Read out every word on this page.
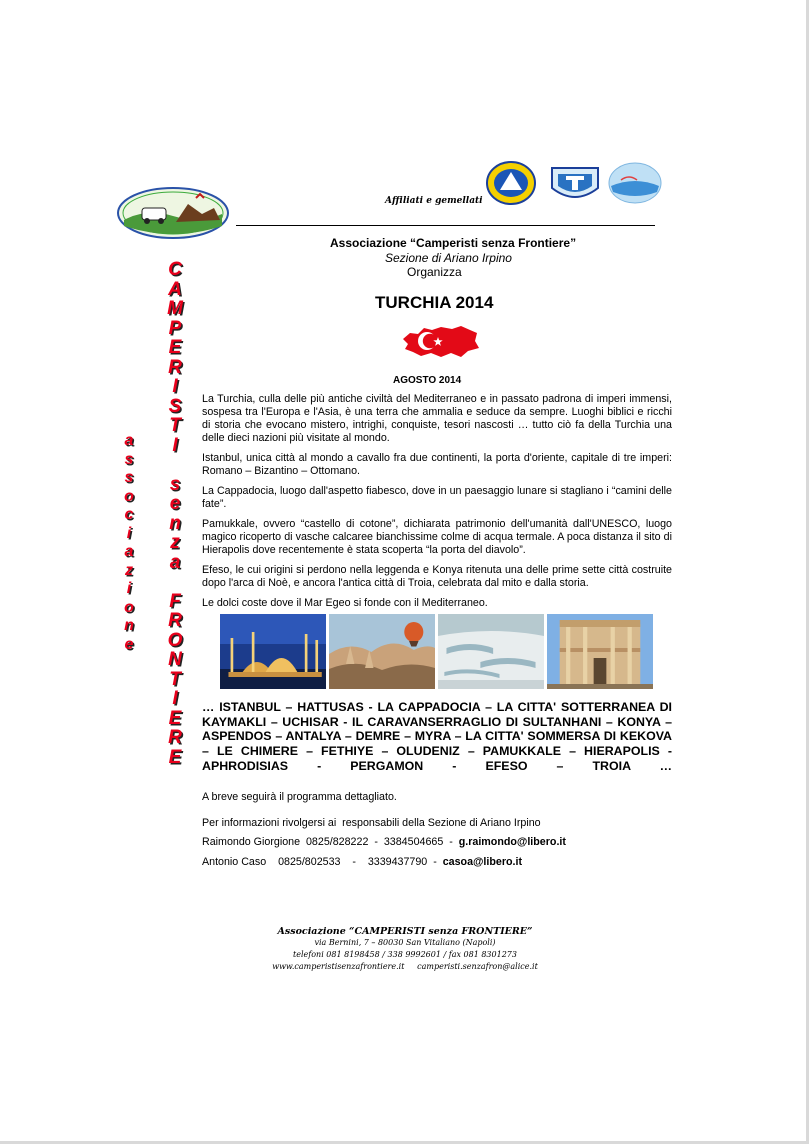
Affiliati e gemellati
C
A
M
P
E
R
I
S
T
I

s
e
n
z
a

F
R
O
N
T
I
E
R
E
a
s
s
o
c
i
a
z
i
o
n
e
Associazione “Camperisti senza Frontiere”
Sezione di Ariano Irpino
Organizza
TURCHIA 2014
AGOSTO 2014

La Turchia, culla delle più antiche civiltà del Mediterraneo e in passato padrona di imperi immensi, sospesa tra l'Europa e l'Asia, è una terra che ammalia e seduce da sempre. Luoghi biblici e ricchi di storia che evocano mistero, intrighi, conquiste, tesori nascosti … tutto ciò fa della Turchia una delle dieci nazioni più visitate al mondo.

Istanbul, unica città al mondo a cavallo fra due continenti, la porta d'oriente, capitale di tre imperi: Romano – Bizantino – Ottomano.

La Cappadocia, luogo dall'aspetto fiabesco, dove in un paesaggio lunare si stagliano i “camini delle fate”.

Pamukkale, ovvero “castello di cotone”, dichiarata patrimonio dell'umanità dall'UNESCO, luogo magico ricoperto di vasche calcaree bianchissime colme di acqua termale. A poca distanza il sito di Hierapolis dove recentemente è stata scoperta “la porta del diavolo”.

Efeso, le cui origini si perdono nella leggenda e Konya ritenuta una delle prime sette città costruite dopo l'arca di Noè, e ancora l'antica città di Troia, celebrata dal mito e dalla storia.

Le dolci coste dove il Mar Egeo si fonde con il Mediterraneo.

… ISTANBUL – HATTUSAS - LA CAPPADOCIA – LA CITTA' SOTTERRANEA DI KAYMAKLI – UCHISAR - IL CARAVANSERRAGLIO DI SULTANHANI – KONYA – ASPENDOS – ANTALYA – DEMRE – MYRA – LA CITTA' SOMMERSA DI KEKOVA – LE CHIMERE – FETHIYE – OLUDENIZ – PAMUKKALE – HIERAPOLIS - APHRODISIAS - PERGAMON - EFESO – TROIA …
A breve seguirà il programma dettagliato.
Per informazioni rivolgersi ai  responsabili della Sezione di Ariano Irpino
Raimondo Giorgione 0825/828222  -  3384504665  -  g.raimondo@libero.it
Antonio Caso 0825/802533    -    3339437790  -  casoa@libero.it
Associazione “CAMPERISTI senza FRONTIERE”
via Bernini, 7 – 80030 San Vitaliano (Napoli)
telefoni 081 8198458 / 338 9992601 / fax 081 8301273
www.camperistisenzafrontiere.it     camperisti.senzafron@alice.it
